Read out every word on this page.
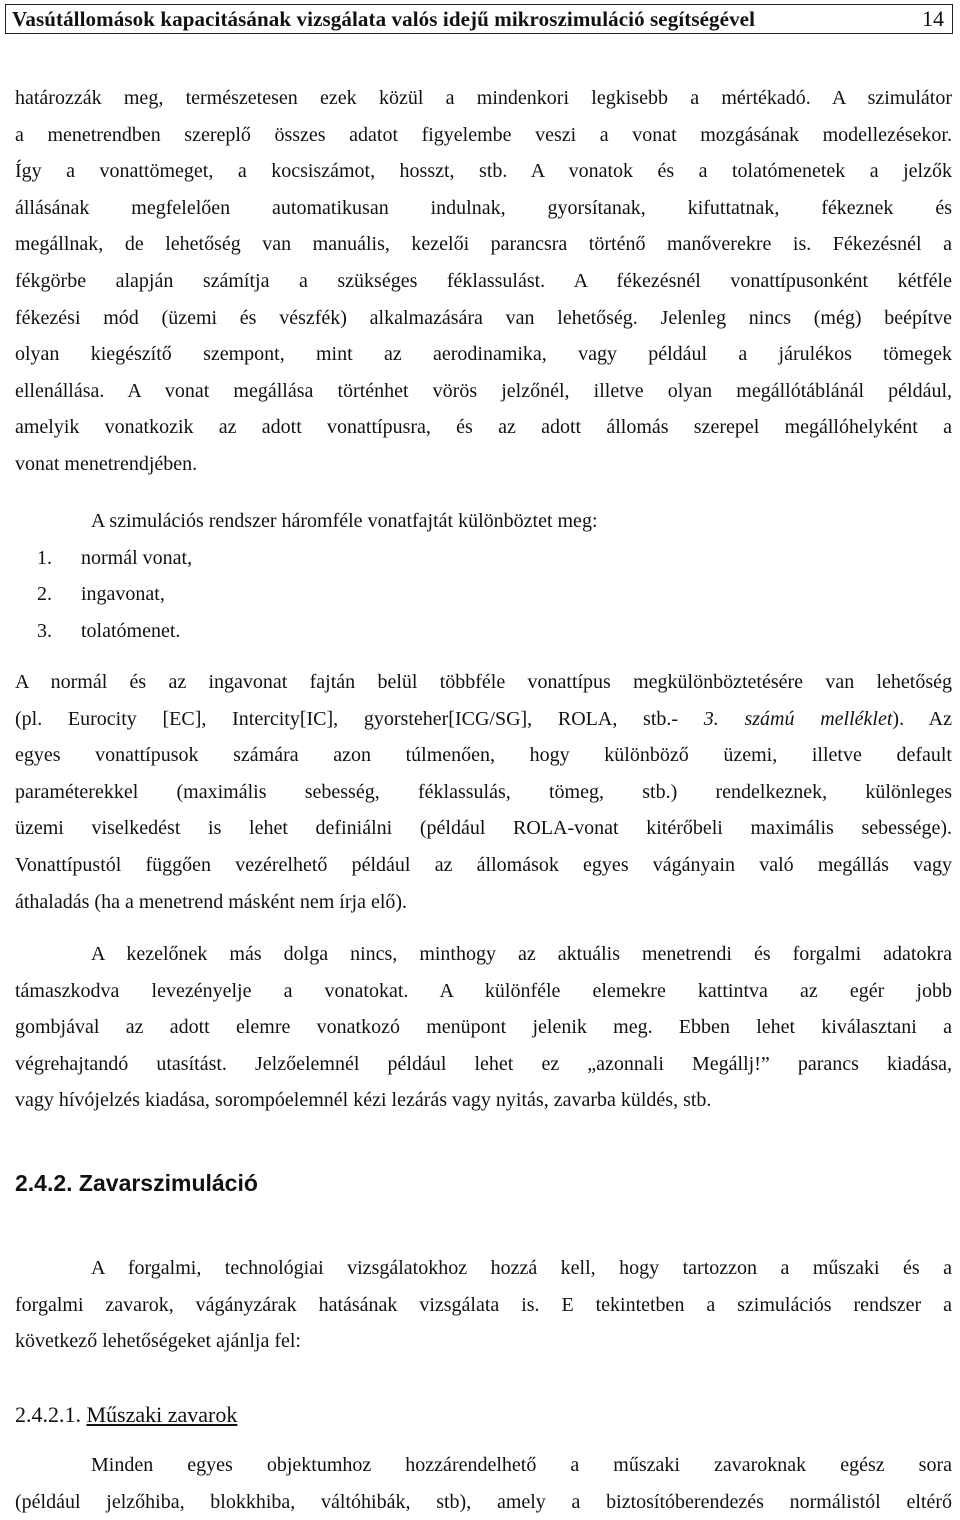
Vasútállomások kapacitásának vizsgálata valós idejű mikroszimuláció segítségével	14
határozzák meg, természetesen ezek közül a mindenkori legkisebb a mértékadó. A szimulátor
a menetrendben szereplő összes adatot figyelembe veszi a vonat mozgásának modellezésekor.
Így a vonattömeget, a kocsiszámot, hosszt, stb. A vonatok és a tolatómenetek a jelzők
állásának megfelelően automatikusan indulnak, gyorsítanak, kifuttatnak, fékeznek és
megállnak, de lehetőség van manuális, kezelői parancsra történő manőverekre is. Fékezésnél a
fékgörbe alapján számítja a szükséges féklassulást. A fékezésnél vonattípusonként kétféle
fékezési mód (üzemi és vészfék) alkalmazására van lehetőség. Jelenleg nincs (még) beépítve
olyan kiegészítő szempont, mint az aerodinamika, vagy például a járulékos tömegek
ellenállása. A vonat megállása történhet vörös jelzőnél, illetve olyan megállótáblánál például,
amelyik vonatkozik az adott vonattípusra, és az adott állomás szerepel megállóhelyként a
vonat menetrendjében.
A szimulációs rendszer háromféle vonatfajtát különböztet meg:
1. normál vonat,
2. ingavonat,
3. tolatómenet.
A normál és az ingavonat fajtán belül többféle vonattípus megkülönböztetésére van lehetőség
(pl. Eurocity [EC], Intercity[IC], gyorsteher[ICG/SG], ROLA, stb.- 3. számú melléklet). Az
egyes vonattípusok számára azon túlmenően, hogy különböző üzemi, illetve default
paraméterekkel (maximális sebesség, féklassulás, tömeg, stb.) rendelkeznek, különleges
üzemi viselkedést is lehet definiálni (például ROLA-vonat kitérőbeli maximális sebessége).
Vonattípustól függően vezérelhető például az állomások egyes vágányain való megállás vagy
áthaladás (ha a menetrend másként nem írja elő).
A kezelőnek más dolga nincs, minthogy az aktuális menetrendi és forgalmi adatokra
támaszkodva levezényelje a vonatokat. A különféle elemekre kattintva az egér jobb
gombjával az adott elemre vonatkozó menüpont jelenik meg. Ebben lehet kiválasztani a
végrehajtandó utasítást. Jelzőelemnél például lehet ez „azonnali Megállj!” parancs kiadása,
vagy hívójelzés kiadása, sorompóelemnél kézi lezárás vagy nyitás, zavarba küldés, stb.
2.4.2. Zavarszimuláció
A forgalmi, technológiai vizsgálatokhoz hozzá kell, hogy tartozzon a műszaki és a
forgalmi zavarok, vágányzárak hatásának vizsgálata is. E tekintetben a szimulációs rendszer a
következő lehetőségeket ajánlja fel:
2.4.2.1. Műszaki zavarok
Minden egyes objektumhoz hozzárendelhető a műszaki zavaroknak egész sora
(például jelzőhiba, blokkhiba, váltóhibák, stb), amely a biztosítóberendezés normálistól eltérő
